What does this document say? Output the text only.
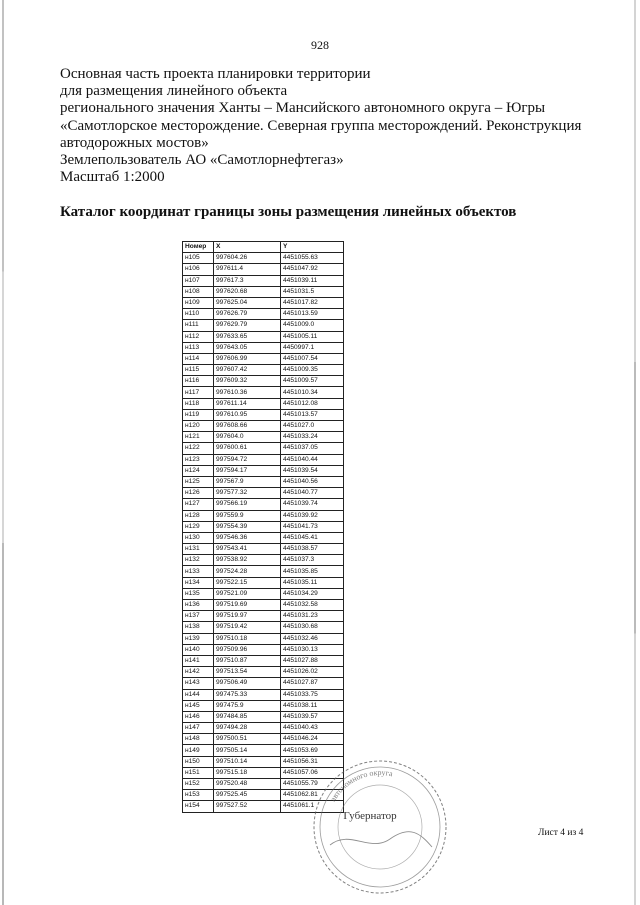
928
Основная часть проекта планировки территории
для размещения линейного объекта
регионального значения Ханты – Мансийского автономного округа – Югры
«Самотлорское месторождение. Северная группа месторождений. Реконструкция
автодорожных мостов»
Землепользователь АО «Самотлорнефтегаз»
Масштаб 1:2000
Каталог координат границы зоны размещения линейных объектов
Номер	X	Y
н105	997604.26	4451055.63
н106	997611.4	4451047.92
н107	997617.3	4451039.11
н108	997620.68	4451031.5
н109	997625.04	4451017.82
н110	997626.79	4451013.59
н111	997629.79	4451009.0
н112	997633.65	4451005.11
н113	997643.05	4450997.1
н114	997606.99	4451007.54
н115	997607.42	4451009.35
н116	997609.32	4451009.57
н117	997610.36	4451010.34
н118	997611.14	4451012.08
н119	997610.95	4451013.57
н120	997608.66	4451027.0
н121	997604.0	4451033.24
н122	997600.61	4451037.05
н123	997594.72	4451040.44
н124	997594.17	4451039.54
н125	997567.9	4451040.56
н126	997577.32	4451040.77
н127	997566.19	4451039.74
н128	997559.9	4451039.92
н129	997554.39	4451041.73
н130	997546.36	4451045.41
н131	997543.41	4451038.57
н132	997538.92	4451037.3
н133	997524.28	4451035.85
н134	997522.15	4451035.11
н135	997521.09	4451034.29
н136	997519.69	4451032.58
н137	997519.97	4451031.23
н138	997519.42	4451030.68
н139	997510.18	4451032.46
н140	997509.96	4451030.13
н141	997510.87	4451027.88
н142	997513.54	4451026.02
н143	997506.49	4451027.87
н144	997475.33	4451033.75
н145	997475.9	4451038.11
н146	997484.85	4451039.57
н147	997494.28	4451040.43
н148	997500.51	4451046.24
н149	997505.14	4451053.69
н150	997510.14	4451056.31
н151	997515.18	4451057.06
н152	997520.48	4451055.79
н153	997525.45	4451062.81
н154	997527.52	4451061.1
автономного округа
Губернатор
Лист 4 из 4
